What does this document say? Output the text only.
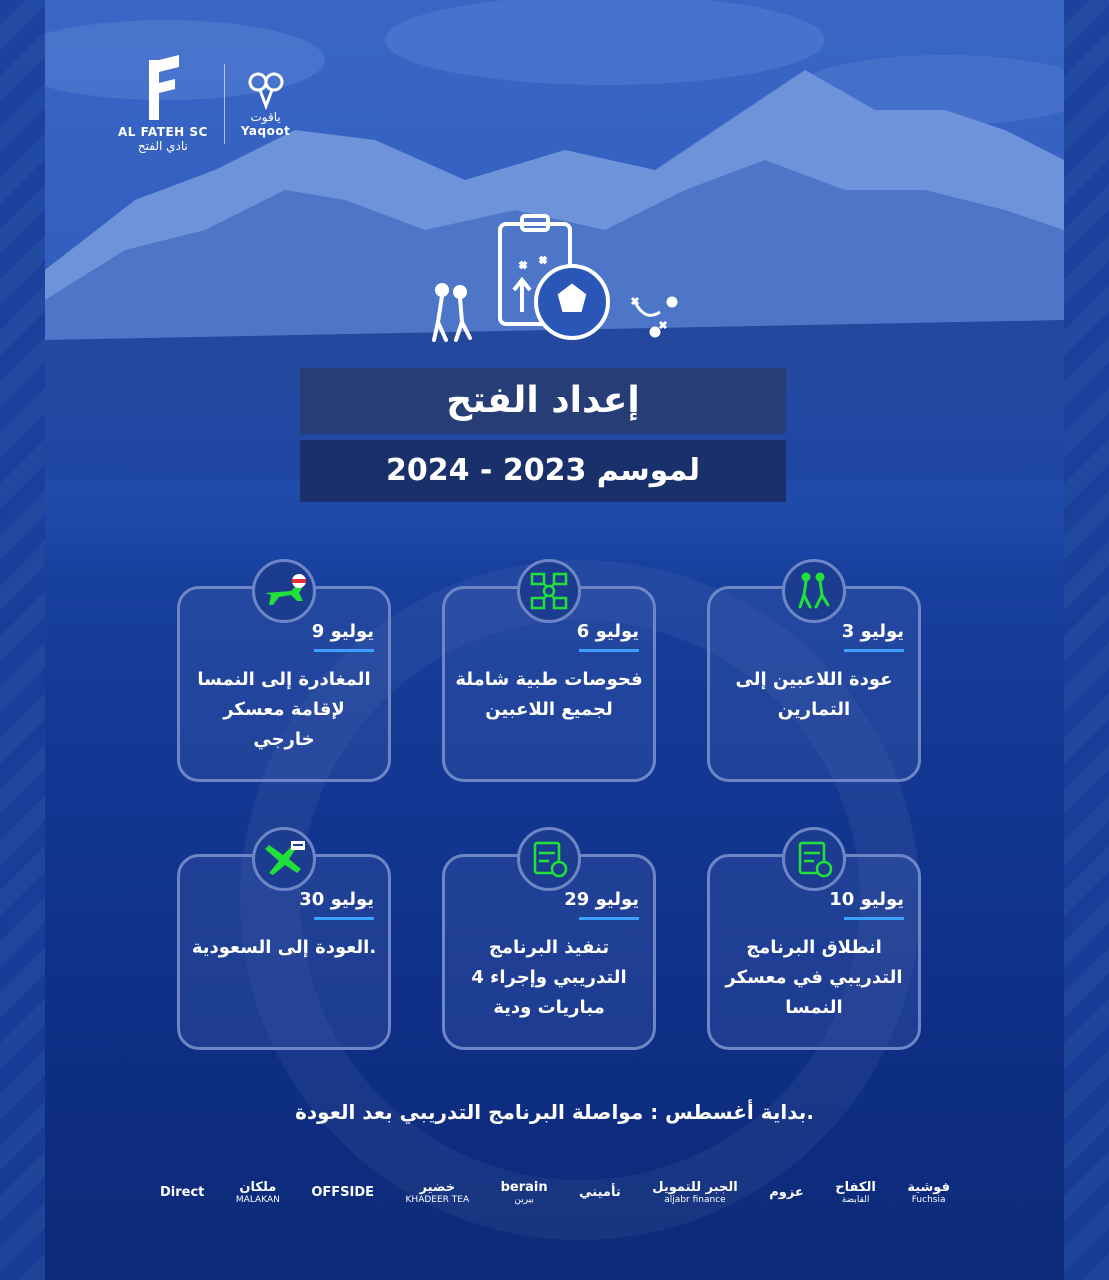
AL FATEH SC
نادي الفتح
ياقوت
Yaqoot
إعداد الفتح
لموسم 2023 - 2024
3 يوليو
عودة اللاعبين إلى التمارين
6 يوليو
فحوصات طبية شاملة لجميع اللاعبين
9 يوليو
المغادرة إلى النمسا لإقامة معسكر خارجي
10 يوليو
انطلاق البرنامج التدريبي في معسكر النمسا
29 يوليو
تنفيذ البرنامج التدريبي وإجراء 4 مباريات ودية
30 يوليو
العودة إلى السعودية.
بداية أغسطس : مواصلة البرنامج التدريبي بعد العودة.
Direct	ملكان
MALAKAN OFFSIDE	خضير
KHADEER TEA
berain
بيرين	تأميني الجبر للتمويل
aljabr finance	عزوم الكفاح
القابضة
فوشية
Fuchsia
